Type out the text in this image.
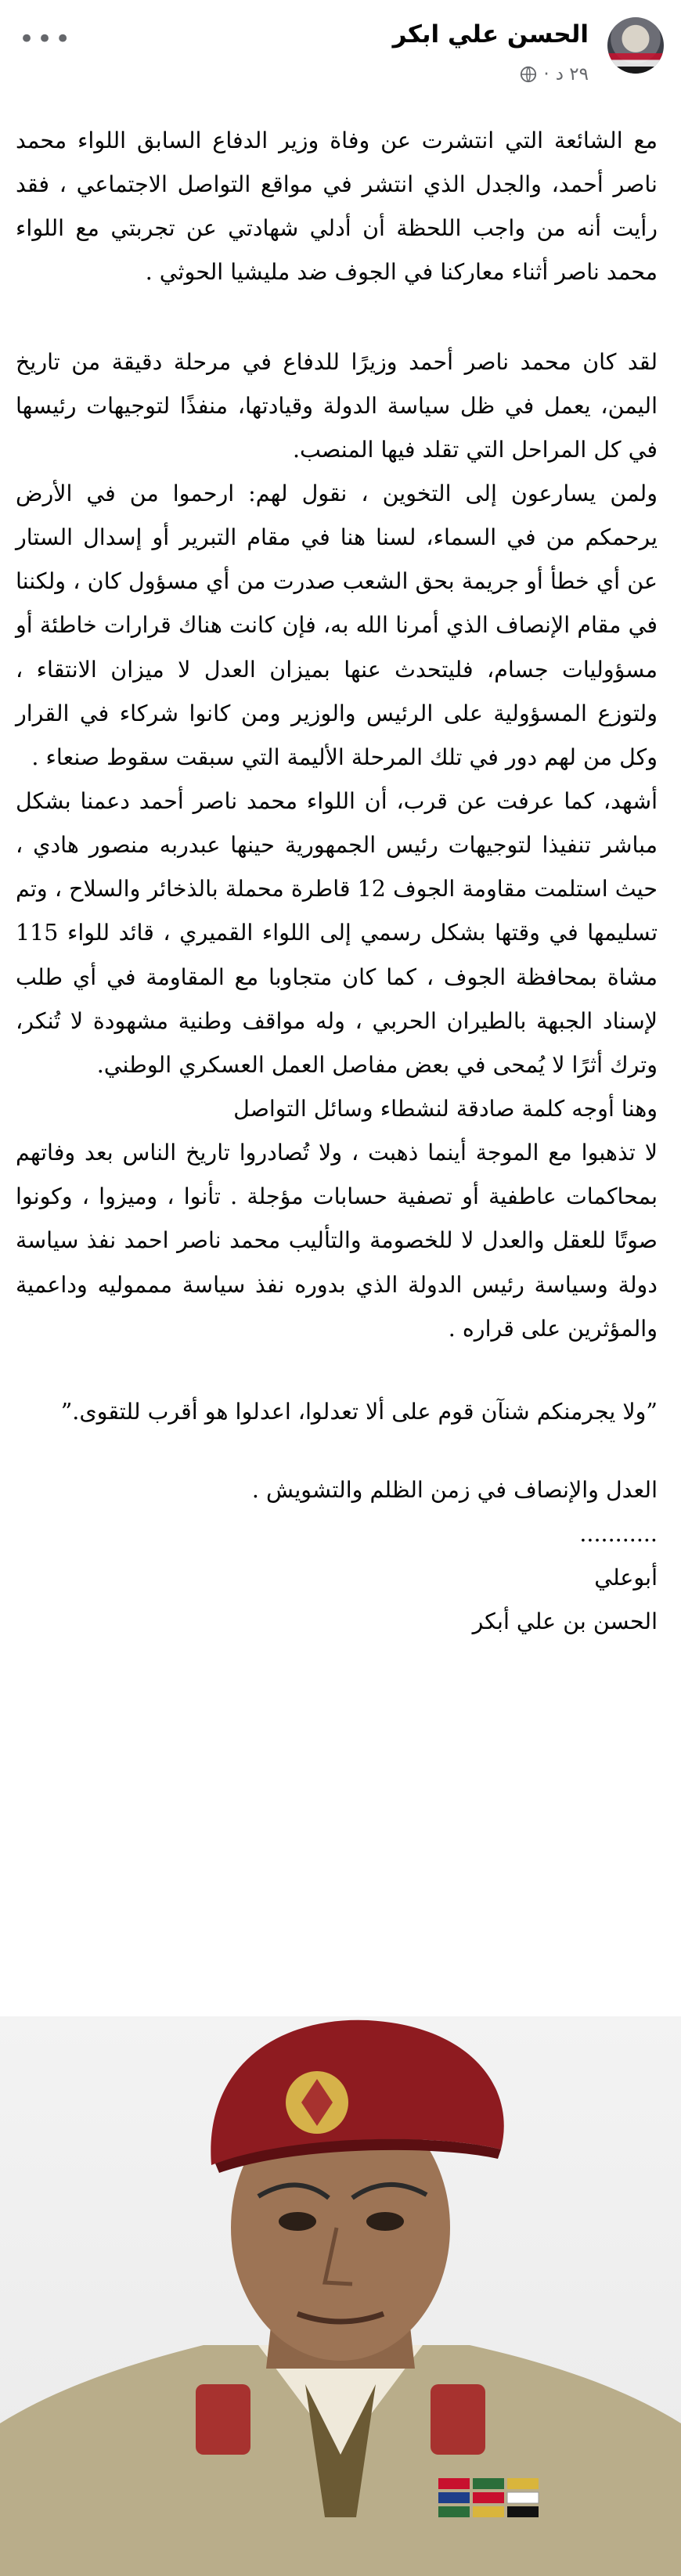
الحسن علي ابكر
٢٩ د
·
•••

مع الشائعة التي انتشرت عن وفاة وزير الدفاع السابق اللواء محمد ناصر أحمد، والجدل الذي انتشر في مواقع التواصل الاجتماعي ، فقد رأيت أنه من واجب اللحظة أن أدلي شهادتي عن تجربتي مع اللواء محمد ناصر أثناء معاركنا في الجوف ضد مليشيا الحوثي .

لقد كان محمد ناصر أحمد وزيرًا للدفاع في مرحلة دقيقة من تاريخ اليمن، يعمل في ظل سياسة الدولة وقيادتها، منفذًا لتوجيهات رئيسها في كل المراحل التي تقلد فيها المنصب.

ولمن يسارعون إلى التخوين ، نقول لهم: ارحموا من في الأرض يرحمكم من في السماء، لسنا هنا في مقام التبرير أو إسدال الستار عن أي خطأ أو جريمة بحق الشعب صدرت من أي مسؤول كان ، ولكننا في مقام الإنصاف الذي أمرنا الله به، فإن كانت هناك قرارات خاطئة أو مسؤوليات جسام، فليتحدث عنها بميزان العدل لا ميزان الانتقاء ، ولتوزع المسؤولية على الرئيس والوزير ومن كانوا شركاء في القرار وكل من لهم دور في تلك المرحلة الأليمة التي سبقت سقوط صنعاء .

أشهد، كما عرفت عن قرب، أن اللواء محمد ناصر أحمد دعمنا بشكل مباشر تنفيذا لتوجيهات رئيس الجمهورية حينها عبدربه منصور هادي ، حيث استلمت مقاومة الجوف 12 قاطرة محملة بالذخائر والسلاح ، وتم تسليمها في وقتها بشكل رسمي إلى اللواء القميري ، قائد للواء 115 مشاة بمحافظة الجوف ، كما كان متجاوبا مع المقاومة في أي طلب لإسناد الجبهة بالطيران الحربي ، وله مواقف وطنية مشهودة لا تُنكر، وترك أثرًا لا يُمحى في بعض مفاصل العمل العسكري الوطني.

وهنا أوجه كلمة صادقة لنشطاء وسائل التواصل

لا تذهبوا مع الموجة أينما ذهبت ، ولا تُصادروا تاريخ الناس بعد وفاتهم بمحاكمات عاطفية أو تصفية حسابات مؤجلة . تأنوا ، وميزوا ، وكونوا صوتًا للعقل والعدل لا للخصومة والتأليب محمد ناصر احمد نفذ سياسة دولة وسياسة رئيس الدولة الذي بدوره نفذ سياسة ممموليه وداعمية والمؤثرين على قراره .

”ولا يجرمنكم شنآن قوم على ألا تعدلوا، اعدلوا هو أقرب للتقوى.”

العدل والإنصاف في زمن الظلم والتشويش .

...........

أبوعلي

الحسن بن علي أبكر
